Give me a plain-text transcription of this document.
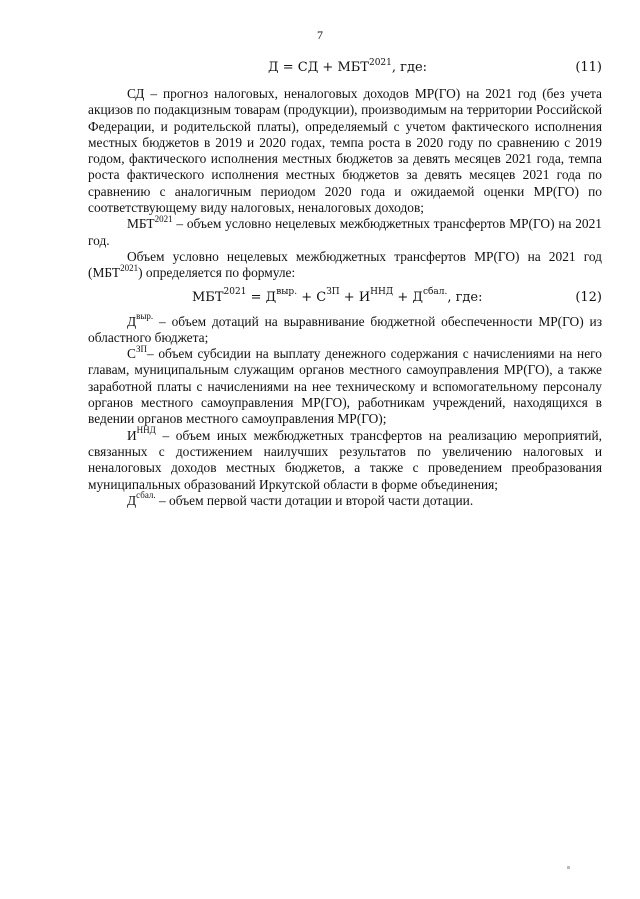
7
Д = СД + $МБТ^{2021}$, где:	(11)

СД – прогноз налоговых, неналоговых доходов МР(ГО) на 2021 год (без учета акцизов по подакцизным товарам (продукции), производимым на территории Российской Федерации, и родительской платы), определяемый с учетом фактического исполнения местных бюджетов в 2019 и 2020 годах, темпа роста в 2020 году по сравнению с 2019 годом, фактического исполнения местных бюджетов за девять месяцев 2021 года, темпа роста фактического исполнения местных бюджетов за девять месяцев 2021 года по сравнению с аналогичным периодом 2020 года и ожидаемой оценки МР(ГО) по соответствующему виду налоговых, неналоговых доходов;

$МБТ^{2021}$ – объем условно нецелевых межбюджетных трансфертов МР(ГО) на 2021 год.

Объем условно нецелевых межбюджетных трансфертов МР(ГО) на 2021 год $(МБТ^{2021})$ определяется по формуле:

$МБТ^{2021} = Д^{выр.} + С^{ЗП} + И^{ННД} + Д^{сбал.}$, где:	(12)

$Д^{выр.}$ – объем дотаций на выравнивание бюджетной обеспеченности МР(ГО) из областного бюджета;

$С^{ЗП}-$ объем субсидии на выплату денежного содержания с начислениями на него главам, муниципальным служащим органов местного самоуправления МР(ГО), а также заработной платы с начислениями на нее техническому и вспомогательному персоналу органов местного самоуправления МР(ГО), работникам учреждений, находящихся в ведении органов местного самоуправления МР(ГО);

$И^{ННД}$ – объем иных межбюджетных трансфертов на реализацию мероприятий, связанных с достижением наилучших результатов по увеличению налоговых и неналоговых доходов местных бюджетов, а также с проведением преобразования муниципальных образований Иркутской области в форме объединения;

$Д^{сбал.}$ – объем первой части дотации и второй части дотации.
